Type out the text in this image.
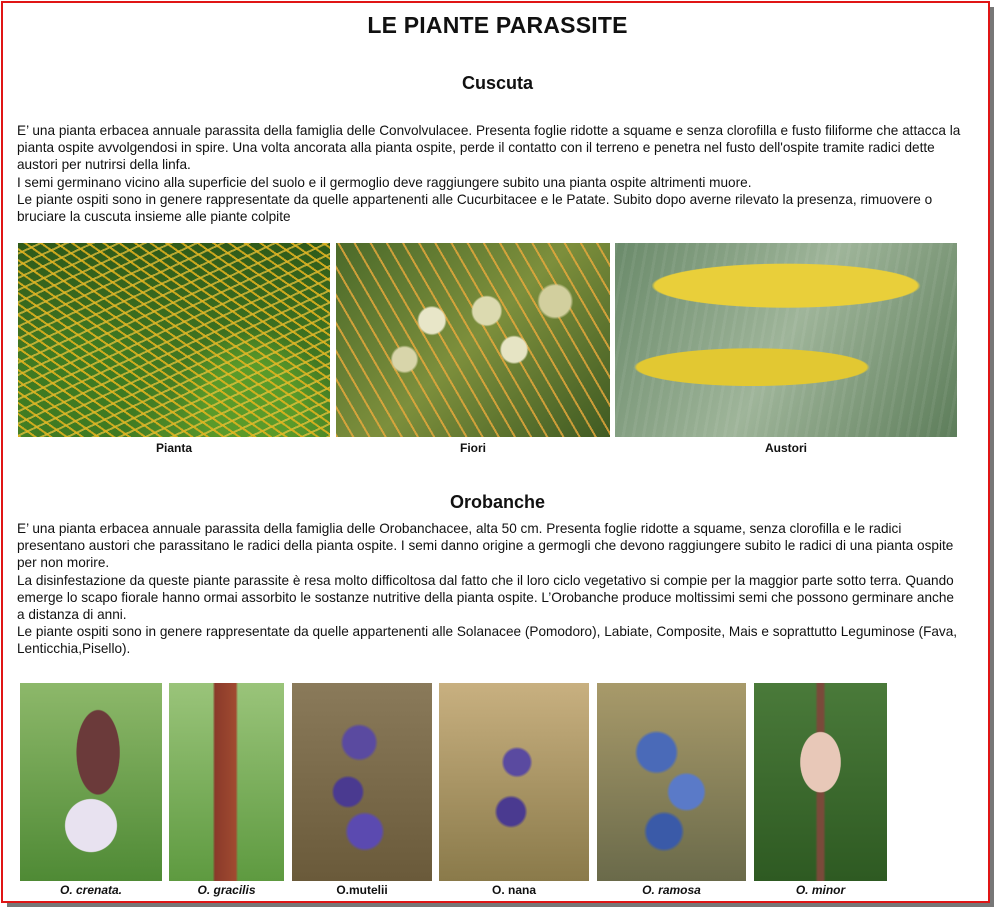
LE PIANTE PARASSITE
Cuscuta

E’ una pianta erbacea annuale parassita della famiglia delle Convolvulacee. Presenta foglie ridotte a squame e senza clorofilla e fusto filiforme che attacca la pianta ospite avvolgendosi in spire. Una volta ancorata alla pianta ospite, perde il contatto con il terreno e penetra nel fusto dell'ospite tramite radici dette austori per nutrirsi della linfa.

I semi germinano vicino alla superficie del suolo e il germoglio deve raggiungere subito una pianta ospite altrimenti muore.

Le piante ospiti sono in genere rappresentate da quelle appartenenti alle Cucurbitacee e le Patate. Subito dopo averne rilevato la presenza, rimuovere o bruciare la cuscuta insieme alle piante colpite

Pianta	Fiori	Austori
Orobanche

E’ una pianta erbacea annuale parassita della famiglia delle Orobanchacee, alta 50 cm. Presenta foglie ridotte a squame, senza clorofilla e le radici presentano austori che parassitano le radici della pianta ospite. I semi danno origine a germogli che devono raggiungere subito le radici di una pianta ospite per non morire.

La disinfestazione da queste piante parassite è resa molto difficoltosa dal fatto che il loro ciclo vegetativo si compie per la maggior parte sotto terra. Quando emerge lo scapo fiorale hanno ormai assorbito le sostanze nutritive della pianta ospite. L’Orobanche produce moltissimi semi che possono germinare anche a distanza di anni.

Le piante ospiti sono in genere rappresentate da quelle appartenenti alle Solanacee (Pomodoro), Labiate, Composite, Mais e soprattutto Leguminose (Fava, Lenticchia,Pisello).

O. crenata.	O. gracilis	O.mutelii	O. nana	O. ramosa	O. minor
